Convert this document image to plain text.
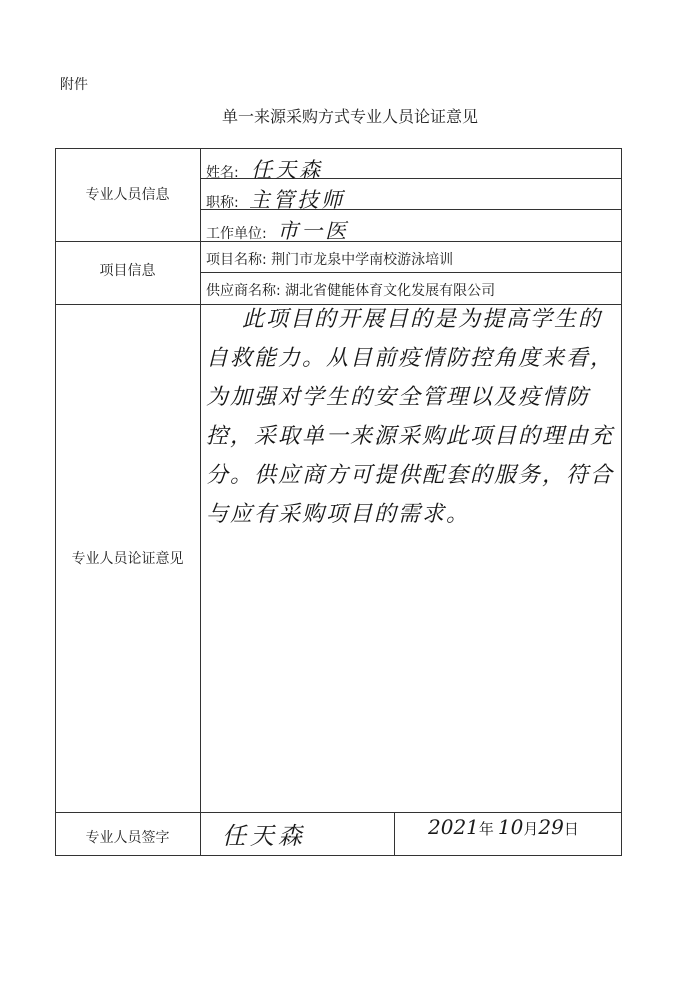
附件
单一来源采购方式专业人员论证意见
专业人员信息
姓名: 任天森
职称: 主管技师
工作单位: 市一医
项目信息
项目名称: 荆门市龙泉中学南校游泳培训
供应商名称: 湖北省健能体育文化发展有限公司
专业人员论证意见
此项目的开展目的是为提高学生的自救能力。从目前疫情防控角度来看，为加强对学生的安全管理以及疫情防控，采取单一来源采购此项目的理由充分。供应商方可提供配套的服务，符合与应有采购项目的需求。
专业人员签字	任天森	2021年 10月29日
